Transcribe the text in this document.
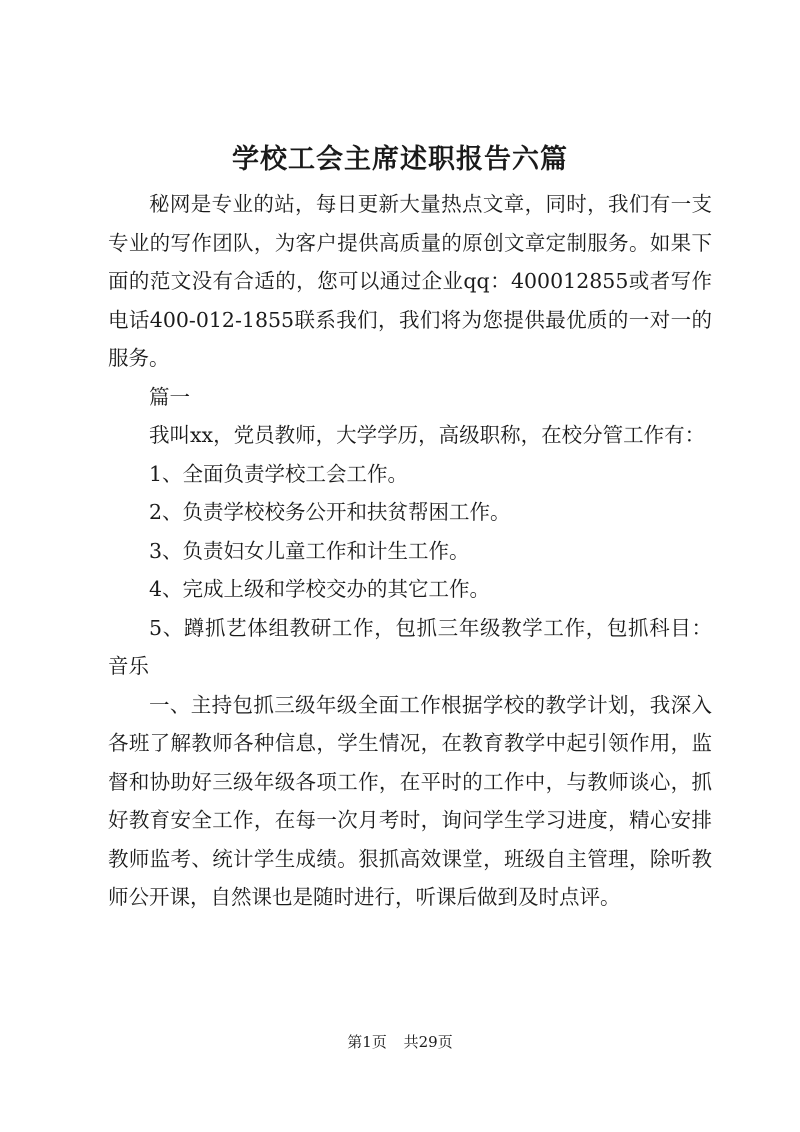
学校工会主席述职报告六篇

秘网是专业的站，每日更新大量热点文章，同时，我们有一支专业的写作团队，为客户提供高质量的原创文章定制服务。如果下面的范文没有合适的，您可以通过企业qq：400012855或者写作电话400-012-1855联系我们，我们将为您提供最优质的一对一的服务。

篇一

我叫xx，党员教师，大学学历，高级职称，在校分管工作有：

1、全面负责学校工会工作。

2、负责学校校务公开和扶贫帮困工作。

3、负责妇女儿童工作和计生工作。

4、完成上级和学校交办的其它工作。

5、蹲抓艺体组教研工作，包抓三年级教学工作，包抓科目：音乐

一、主持包抓三级年级全面工作根据学校的教学计划，我深入各班了解教师各种信息，学生情况，在教育教学中起引领作用，监督和协助好三级年级各项工作，在平时的工作中，与教师谈心，抓好教育安全工作，在每一次月考时，询问学生学习进度，精心安排教师监考、统计学生成绩。狠抓高效课堂，班级自主管理，除听教师公开课，自然课也是随时进行，听课后做到及时点评。

第1页 共29页
